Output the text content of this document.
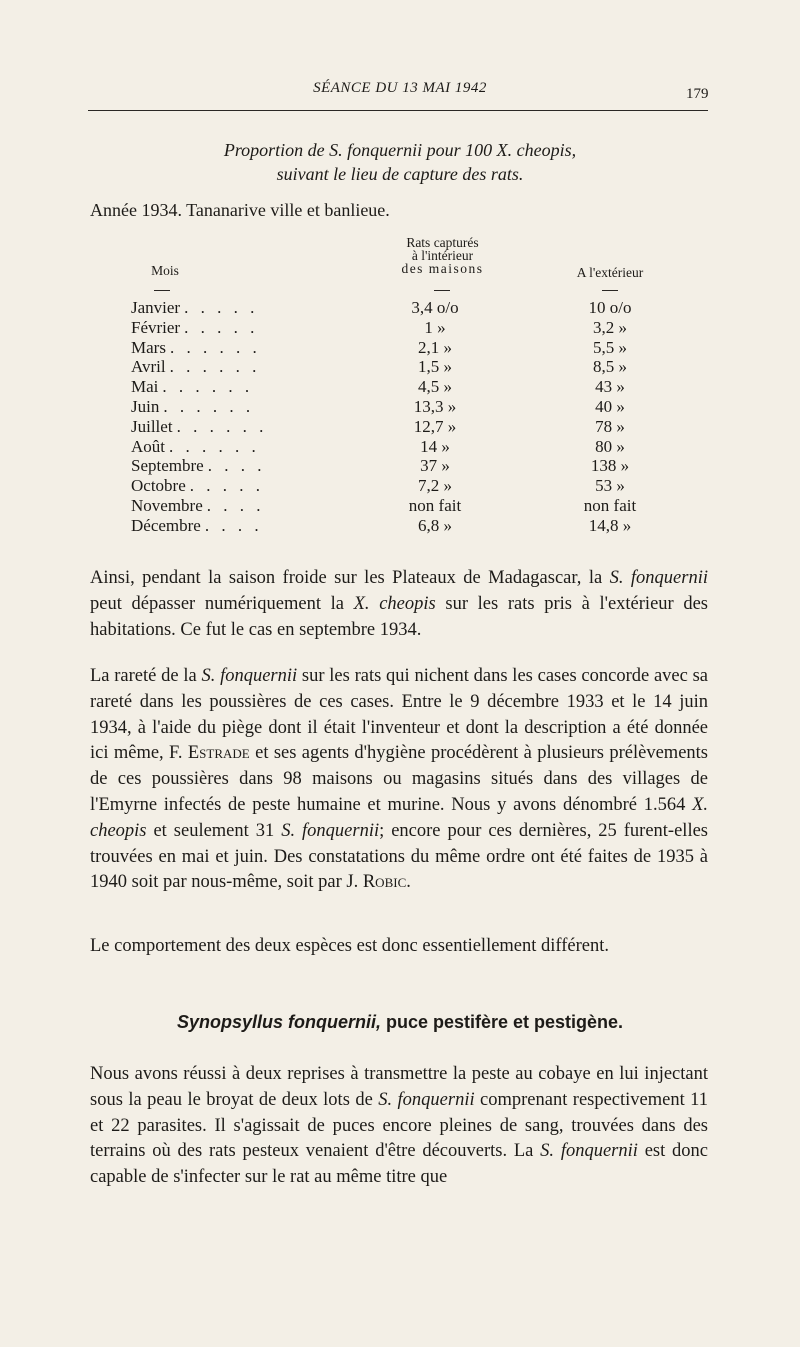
SÉANCE DU 13 MAI 1942	179
Proportion de S. fonquernii pour 100 X. cheopis,
suivant le lieu de capture des rats.
Année 1934. Tananarive ville et banlieue.
Mois
Rats capturés
à l'intérieur
des maisons	A l'extérieur
Janvier . . . . .	3,4 o/o	10 o/o
Février . . . . .	1 »	3,2 »
Mars . . . . . .	2,1 »	5,5 »
Avril . . . . . .	1,5 »	8,5 »
Mai . . . . . .	4,5 »	43 »
Juin . . . . . .	13,3 »	40 »
Juillet . . . . . .	12,7 »	78 »
Août . . . . . .	14 »	80 »
Septembre . . . .	37 »	138 »
Octobre . . . . .	7,2 »	53 »
Novembre . . . .	non fait	non fait
Décembre . . . .	6,8 »	14,8 »

Ainsi, pendant la saison froide sur les Plateaux de Madagascar, la S. fonquernii peut dépasser numériquement la X. cheopis sur les rats pris à l'extérieur des habitations. Ce fut le cas en septembre 1934.

La rareté de la S. fonquernii sur les rats qui nichent dans les cases concorde avec sa rareté dans les poussières de ces cases. Entre le 9 décembre 1933 et le 14 juin 1934, à l'aide du piège dont il était l'inventeur et dont la description a été donnée ici même, F. Estrade et ses agents d'hygiène procédèrent à plusieurs prélèvements de ces poussières dans 98 maisons ou magasins situés dans des villages de l'Emyrne infectés de peste humaine et murine. Nous y avons dénombré 1.564 X. cheopis et seulement 31 S. fonquernii; encore pour ces dernières, 25 furent-elles trouvées en mai et juin. Des constatations du même ordre ont été faites de 1935 à 1940 soit par nous-même, soit par J. Robic.

Le comportement des deux espèces est donc essentiellement différent.

Synopsyllus fonquernii, puce pestifère et pestigène.

Nous avons réussi à deux reprises à transmettre la peste au cobaye en lui injectant sous la peau le broyat de deux lots de S. fonquernii comprenant respectivement 11 et 22 parasites. Il s'agissait de puces encore pleines de sang, trouvées dans des terrains où des rats pesteux venaient d'être découverts. La S. fonquernii est donc capable de s'infecter sur le rat au même titre que
